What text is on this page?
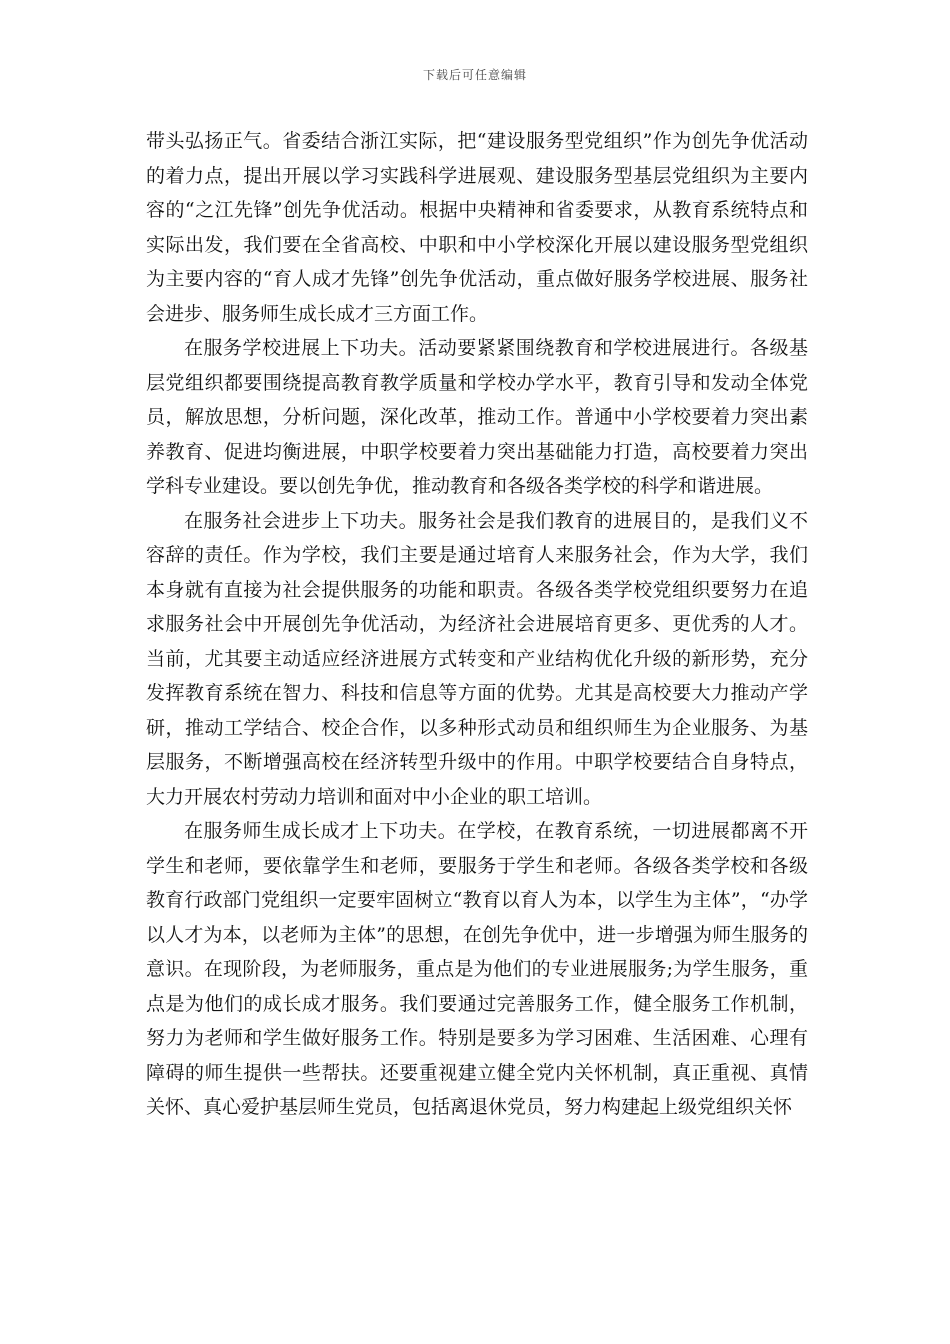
下载后可任意编辑

带头弘扬正气。省委结合浙江实际，把“建设服务型党组织”作为创先争优活动的着力点，提出开展以学习实践科学进展观、建设服务型基层党组织为主要内容的“之江先锋”创先争优活动。根据中央精神和省委要求，从教育系统特点和实际出发，我们要在全省高校、中职和中小学校深化开展以建设服务型党组织为主要内容的“育人成才先锋”创先争优活动，重点做好服务学校进展、服务社会进步、服务师生成长成才三方面工作。

在服务学校进展上下功夫。活动要紧紧围绕教育和学校进展进行。各级基层党组织都要围绕提高教育教学质量和学校办学水平，教育引导和发动全体党员，解放思想，分析问题，深化改革，推动工作。普通中小学校要着力突出素养教育、促进均衡进展，中职学校要着力突出基础能力打造，高校要着力突出学科专业建设。要以创先争优，推动教育和各级各类学校的科学和谐进展。

在服务社会进步上下功夫。服务社会是我们教育的进展目的，是我们义不容辞的责任。作为学校，我们主要是通过培育人来服务社会，作为大学，我们本身就有直接为社会提供服务的功能和职责。各级各类学校党组织要努力在追求服务社会中开展创先争优活动，为经济社会进展培育更多、更优秀的人才。当前，尤其要主动适应经济进展方式转变和产业结构优化升级的新形势，充分发挥教育系统在智力、科技和信息等方面的优势。尤其是高校要大力推动产学研，推动工学结合、校企合作，以多种形式动员和组织师生为企业服务、为基层服务，不断增强高校在经济转型升级中的作用。中职学校要结合自身特点，大力开展农村劳动力培训和面对中小企业的职工培训。

在服务师生成长成才上下功夫。在学校，在教育系统，一切进展都离不开学生和老师，要依靠学生和老师，要服务于学生和老师。各级各类学校和各级教育行政部门党组织一定要牢固树立“教育以育人为本，以学生为主体”，“办学以人才为本，以老师为主体”的思想，在创先争优中，进一步增强为师生服务的意识。在现阶段，为老师服务，重点是为他们的专业进展服务;为学生服务，重点是为他们的成长成才服务。我们要通过完善服务工作，健全服务工作机制，努力为老师和学生做好服务工作。特别是要多为学习困难、生活困难、心理有障碍的师生提供一些帮扶。还要重视建立健全党内关怀机制，真正重视、真情关怀、真心爱护基层师生党员，包括离退休党员，努力构建起上级党组织关怀
